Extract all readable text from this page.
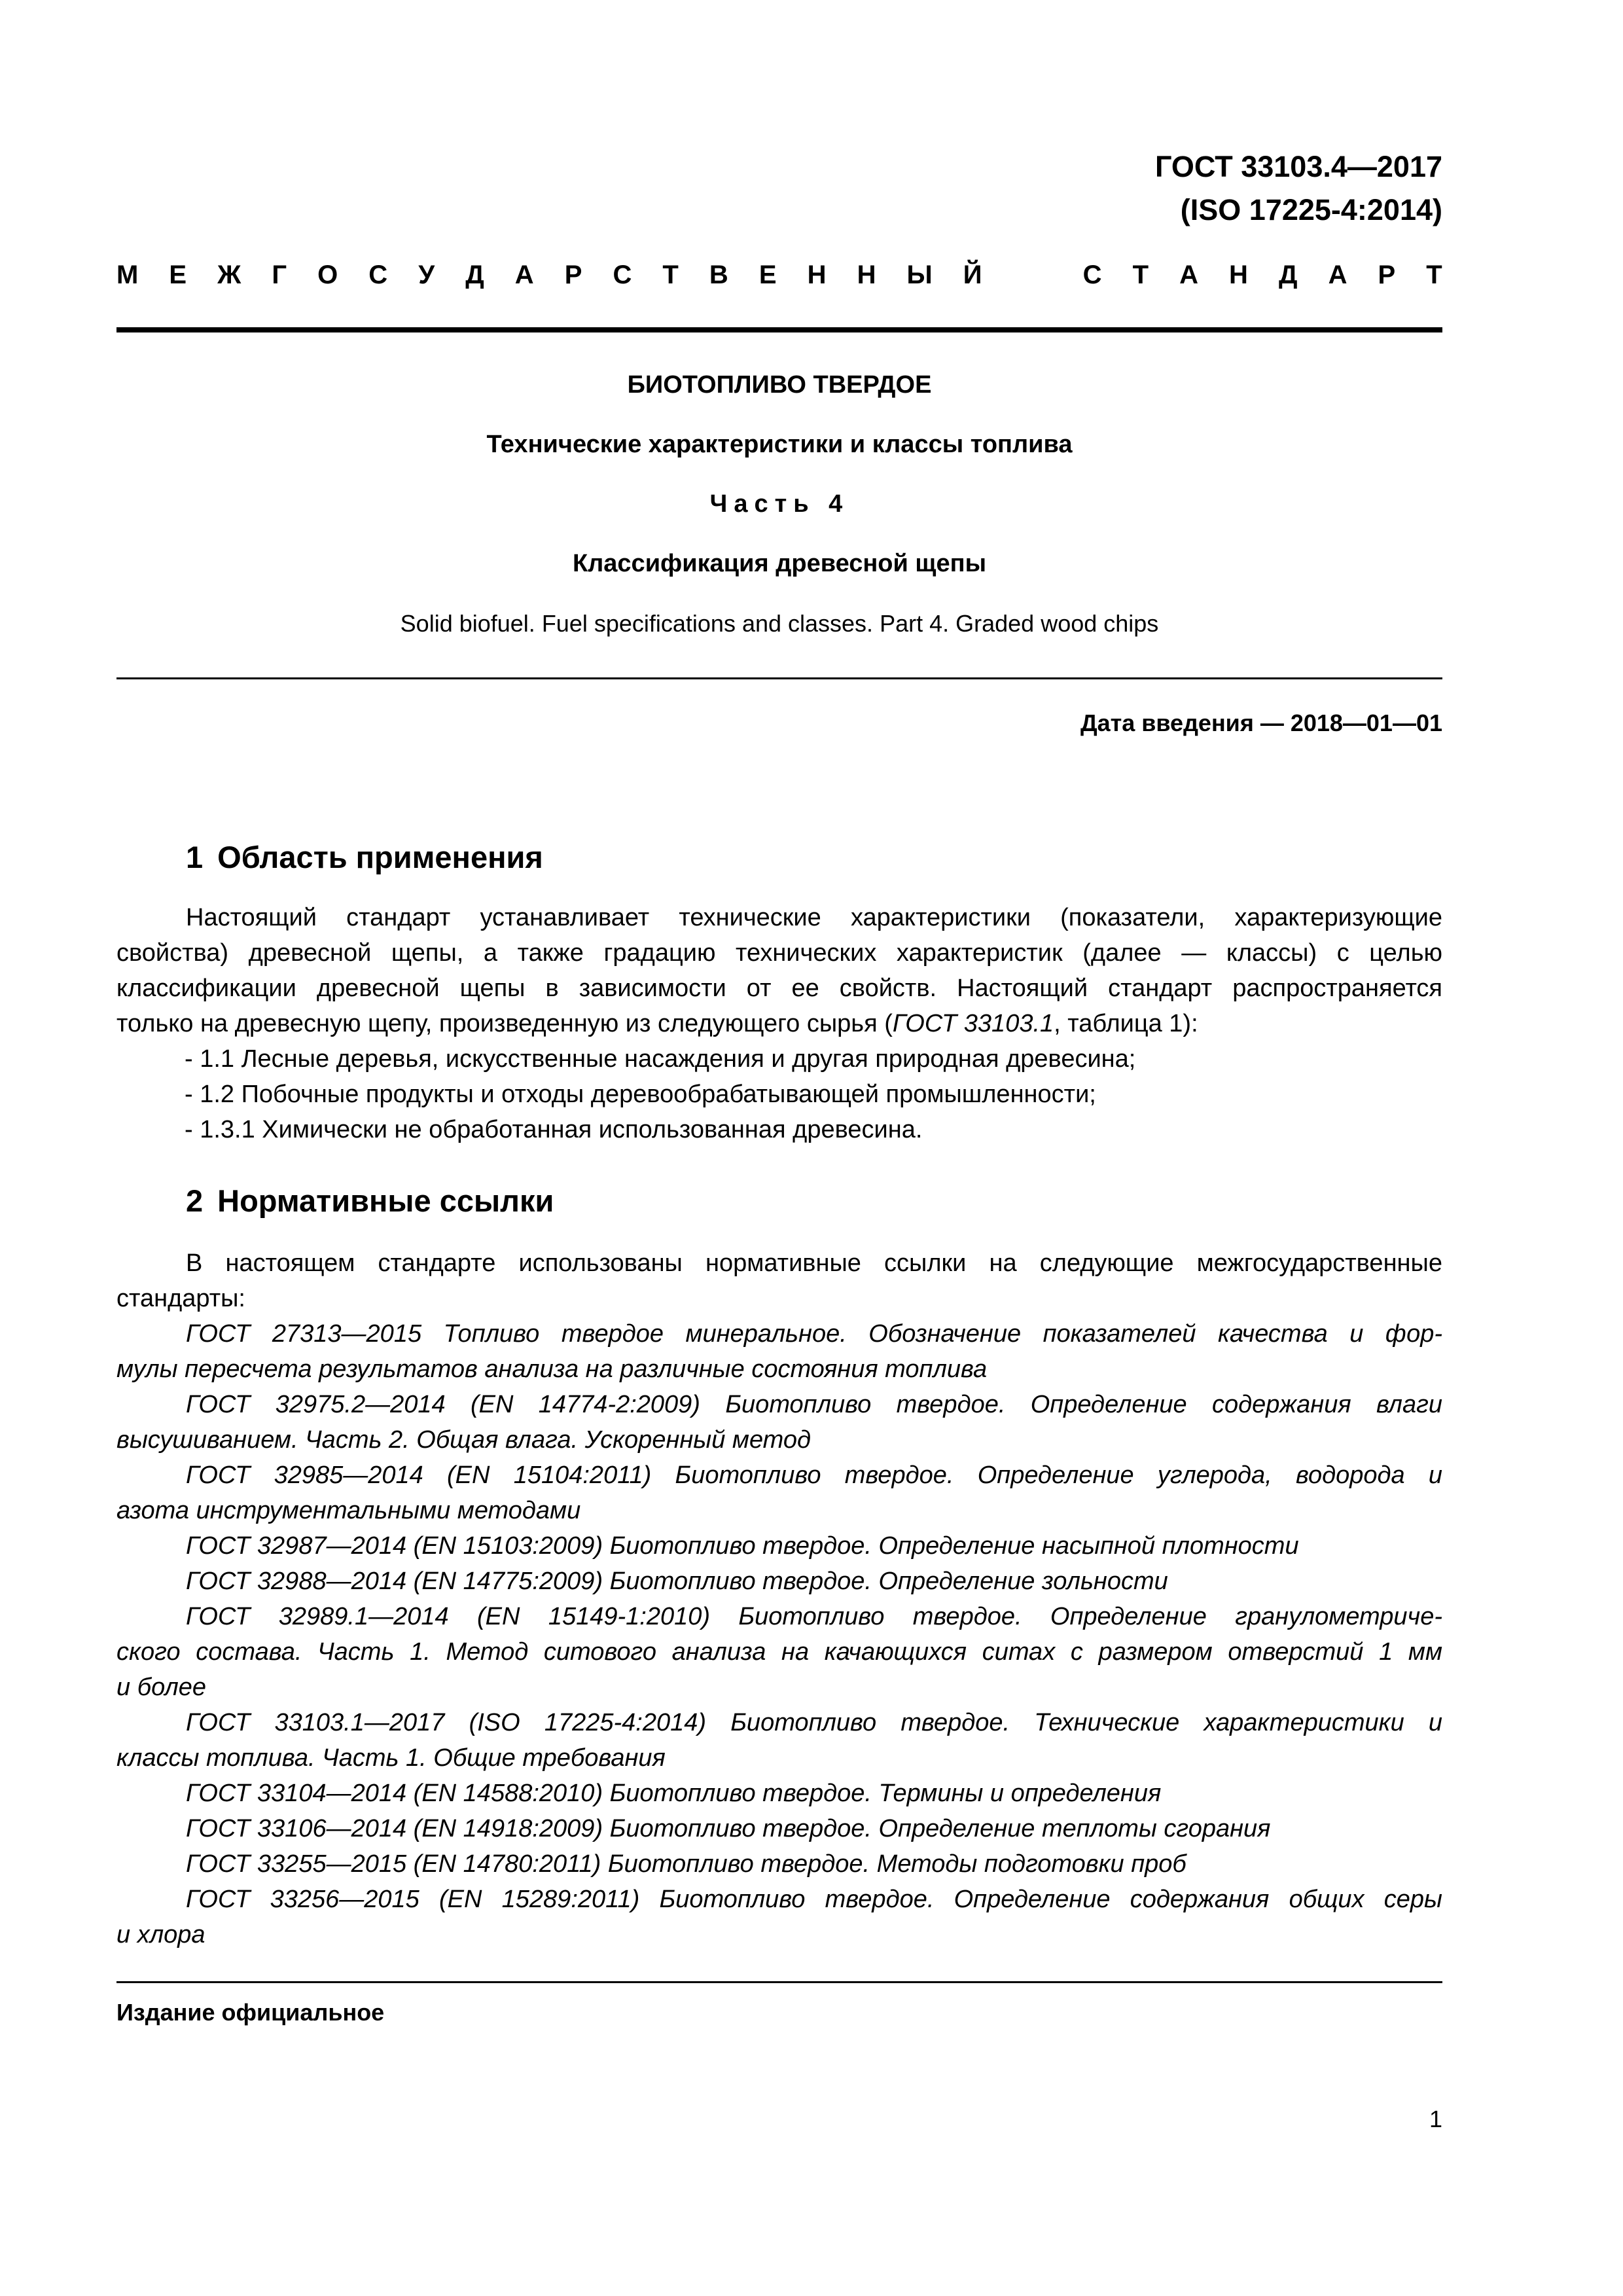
ГОСТ 33103.4—2017
(ISO 17225-4:2014)
М Е Ж Г О С У Д А Р С Т В Е Н Н Ы Й	С Т А Н Д А Р Т
БИОТОПЛИВО ТВЕРДОЕ
Технические характеристики и классы топлива
Часть 4
Классификация древесной щепы
Solid biofuel. Fuel specifications and classes. Part 4. Graded wood chips
Дата введения — 2018—01—01
1 Область применения
Настоящий стандарт устанавливает технические характеристики (показатели, характеризующие
свойства) древесной щепы, а также градацию технических характеристик (далее — классы) с целью
классификации древесной щепы в зависимости от ее свойств. Настоящий стандарт распространяется
только на древесную щепу, произведенную из следующего сырья (ГОСТ 33103.1, таблица 1):
- 1.1 Лесные деревья, искусственные насаждения и другая природная древесина;
- 1.2 Побочные продукты и отходы деревообрабатывающей промышленности;
- 1.3.1 Химически не обработанная использованная древесина.
2 Нормативные ссылки
В настоящем стандарте использованы нормативные ссылки на следующие межгосударственные
стандарты:
ГОСТ 27313—2015 Топливо твердое минеральное. Обозначение показателей качества и фор-
мулы пересчета результатов анализа на различные состояния топлива
ГОСТ 32975.2—2014 (EN 14774-2:2009) Биотопливо твердое. Определение содержания влаги
высушиванием. Часть 2. Общая влага. Ускоренный метод
ГОСТ 32985—2014 (EN 15104:2011) Биотопливо твердое. Определение углерода, водорода и
азота инструментальными методами
ГОСТ 32987—2014 (EN 15103:2009) Биотопливо твердое. Определение насыпной плотности
ГОСТ 32988—2014 (EN 14775:2009) Биотопливо твердое. Определение зольности
ГОСТ 32989.1—2014 (EN 15149-1:2010) Биотопливо твердое. Определение гранулометриче-
ского состава. Часть 1. Метод ситового анализа на качающихся ситах с размером отверстий 1 мм
и более
ГОСТ 33103.1—2017 (ISO 17225-4:2014) Биотопливо твердое. Технические характеристики и
классы топлива. Часть 1. Общие требования
ГОСТ 33104—2014 (EN 14588:2010) Биотопливо твердое. Термины и определения
ГОСТ 33106—2014 (EN 14918:2009) Биотопливо твердое. Определение теплоты сгорания
ГОСТ 33255—2015 (EN 14780:2011) Биотопливо твердое. Методы подготовки проб
ГОСТ 33256—2015 (EN 15289:2011) Биотопливо твердое. Определение содержания общих серы
и хлора
Издание официальное
1
